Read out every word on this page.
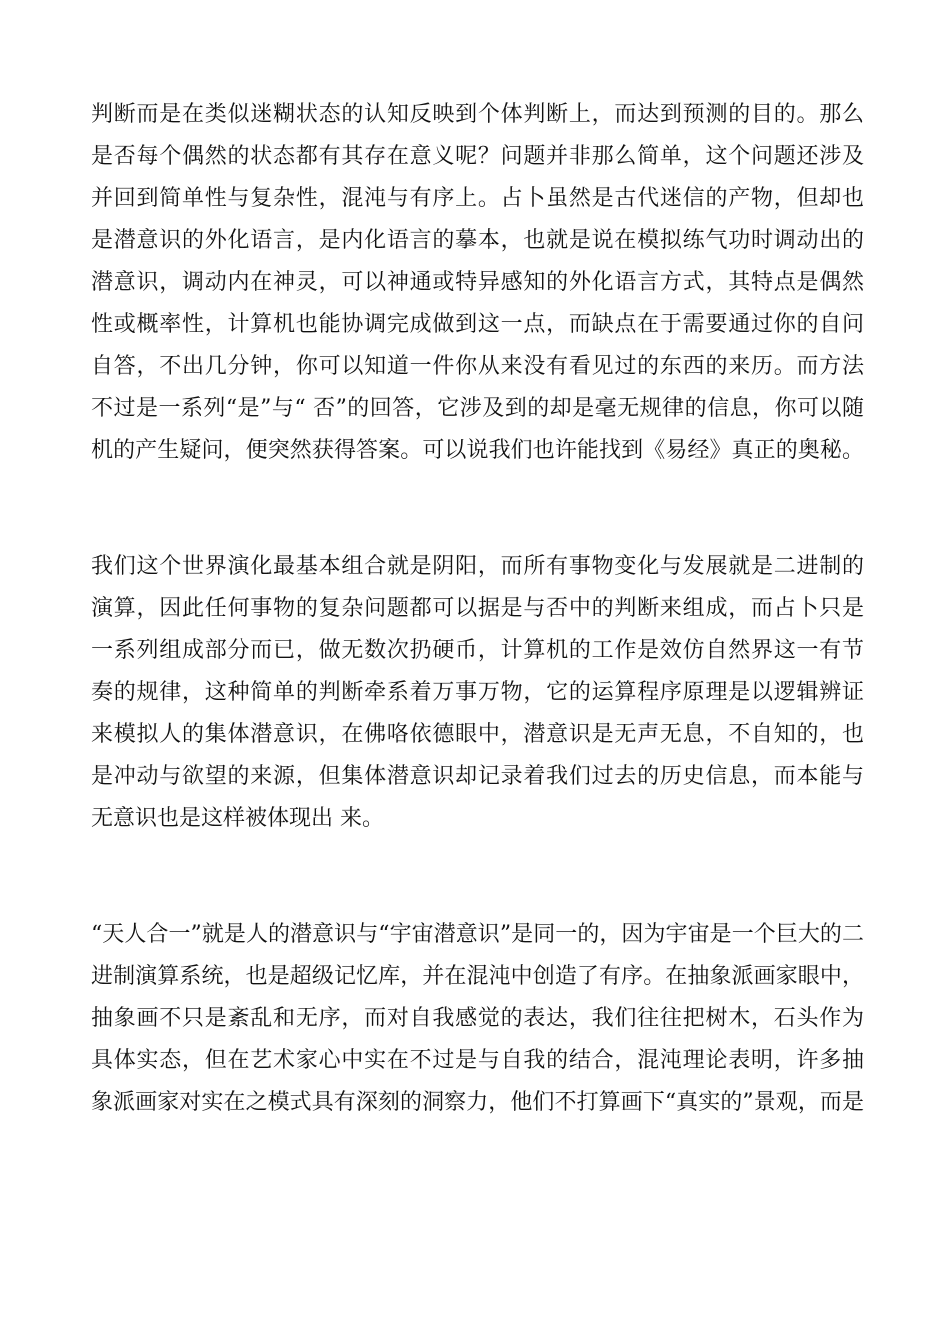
判断而是在类似迷糊状态的认知反映到个体判断上，而达到预测的目的。那么
是否每个偶然的状态都有其存在意义呢？问题并非那么简单，这个问题还涉及
并回到简单性与复杂性，混沌与有序上。占卜虽然是古代迷信的产物，但却也
是潜意识的外化语言，是内化语言的摹本，也就是说在模拟练气功时调动出的
潜意识，调动内在神灵，可以神通或特异感知的外化语言方式，其特点是偶然
性或概率性，计算机也能协调完成做到这一点，而缺点在于需要通过你的自问
自答，不出几分钟，你可以知道一件你从来没有看见过的东西的来历。而方法
不过是一系列“是”与“ 否”的回答，它涉及到的却是毫无规律的信息，你可以随
机的产生疑问，便突然获得答案。可以说我们也许能找到《易经》真正的奥秘。
我们这个世界演化最基本组合就是阴阳，而所有事物变化与发展就是二进制的
演算，因此任何事物的复杂问题都可以据是与否中的判断来组成，而占卜只是
一系列组成部分而已，做无数次扔硬币，计算机的工作是效仿自然界这一有节
奏的规律，这种简单的判断牵系着万事万物，它的运算程序原理是以逻辑辨证
来模拟人的集体潜意识，在佛咯依德眼中，潜意识是无声无息，不自知的，也
是冲动与欲望的来源，但集体潜意识却记录着我们过去的历史信息，而本能与
无意识也是这样被体现出 来。
“天人合一”就是人的潜意识与“宇宙潜意识”是同一的，因为宇宙是一个巨大的二
进制演算系统，也是超级记忆库，并在混沌中创造了有序。在抽象派画家眼中，
抽象画不只是紊乱和无序，而对自我感觉的表达，我们往往把树木，石头作为
具体实态，但在艺术家心中实在不过是与自我的结合，混沌理论表明，许多抽
象派画家对实在之模式具有深刻的洞察力，他们不打算画下“真实的”景观，而是
